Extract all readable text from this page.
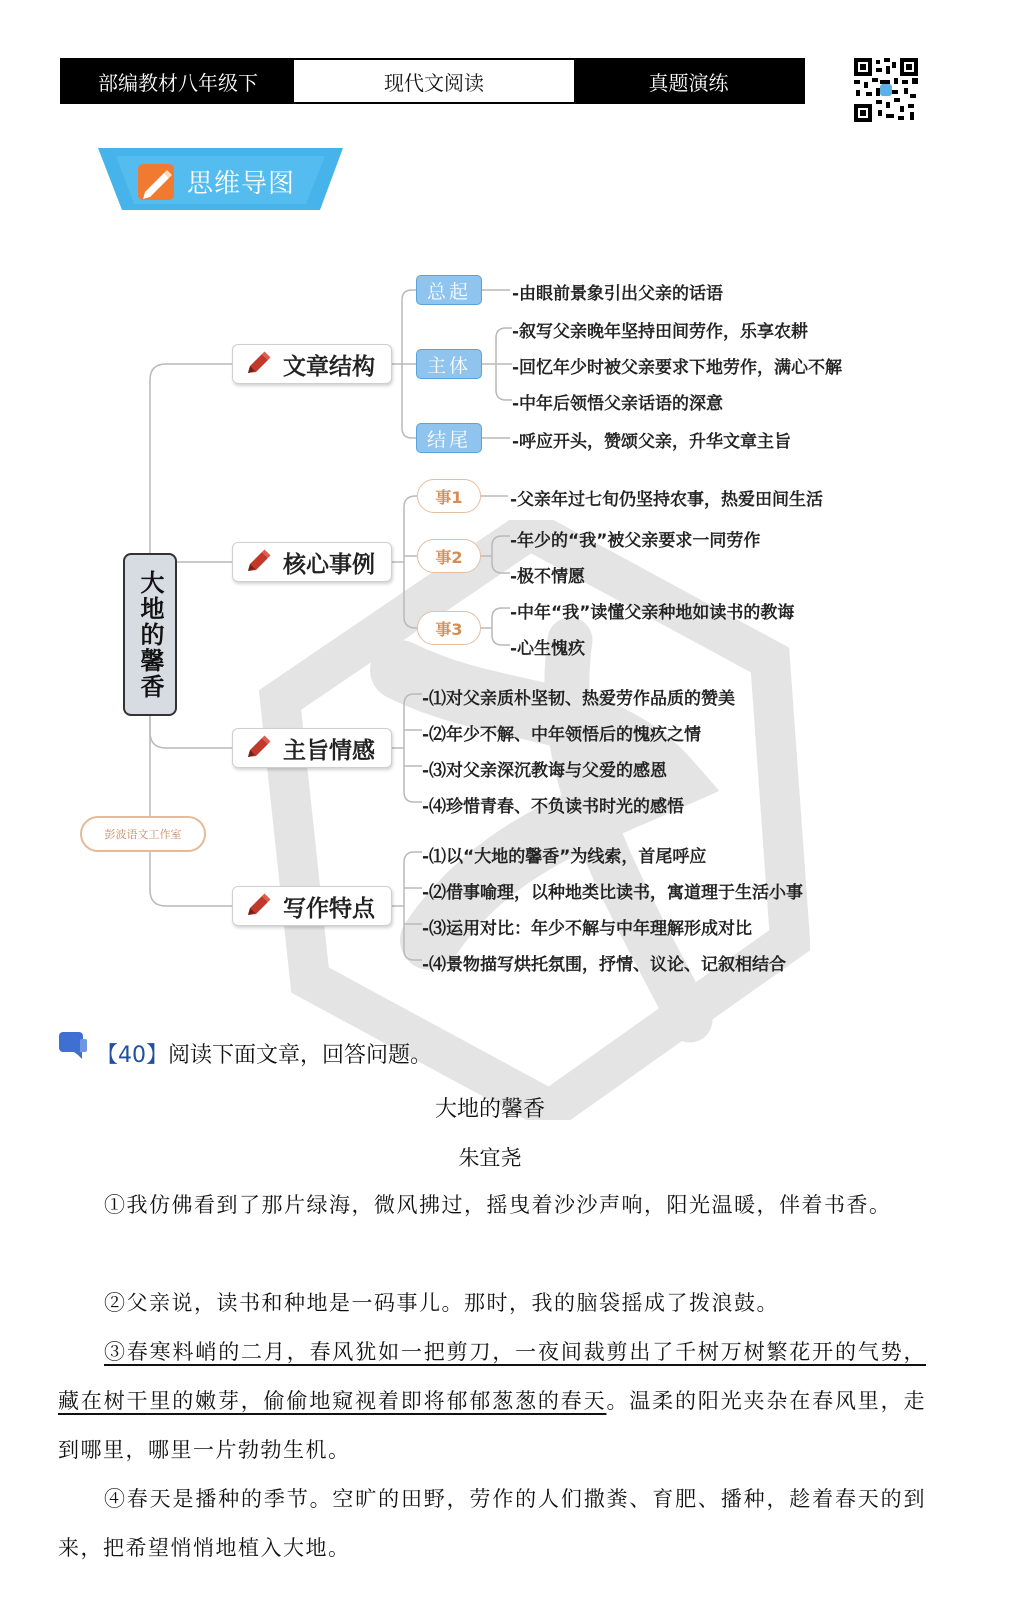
部编教材八年级下	现代文阅读	真题演练
思维导图
大地的馨香
彭波语文工作室
文章结构
核心事例
主旨情感
写作特点
总起
主体
结尾
-由眼前景象引出父亲的话语
-叙写父亲晚年坚持田间劳作，乐享农耕
-回忆年少时被父亲要求下地劳作，满心不解
-中年后领悟父亲话语的深意
-呼应开头，赞颂父亲，升华文章主旨
事1
事2
事3
-父亲年过七旬仍坚持农事，热爱田间生活
-年少的“我”被父亲要求一同劳作
-极不情愿
-中年“我”读懂父亲种地如读书的教诲
-心生愧疚
-⑴对父亲质朴坚韧、热爱劳作品质的赞美
-⑵年少不解、中年领悟后的愧疚之情
-⑶对父亲深沉教诲与父爱的感恩
-⑷珍惜青春、不负读书时光的感悟
-⑴以“大地的馨香”为线索，首尾呼应
-⑵借事喻理，以种地类比读书，寓道理于生活小事
-⑶运用对比：年少不解与中年理解形成对比
-⑷景物描写烘托氛围，抒情、议论、记叙相结合
【40】阅读下面文章，回答问题。
大地的馨香
朱宜尧

①我仿佛看到了那片绿海，微风拂过，摇曳着沙沙声响，阳光温暖，伴着书香。

②父亲说，读书和种地是一码事儿。那时，我的脑袋摇成了拨浪鼓。

③春寒料峭的二月，春风犹如一把剪刀，一夜间裁剪出了千树万树繁花开的气势，藏在树干里的嫩芽，偷偷地窥视着即将郁郁葱葱的春天。温柔的阳光夹杂在春风里，走到哪里，哪里一片勃勃生机。

④春天是播种的季节。空旷的田野，劳作的人们撒粪、育肥、播种，趁着春天的到来，把希望悄悄地植入大地。
